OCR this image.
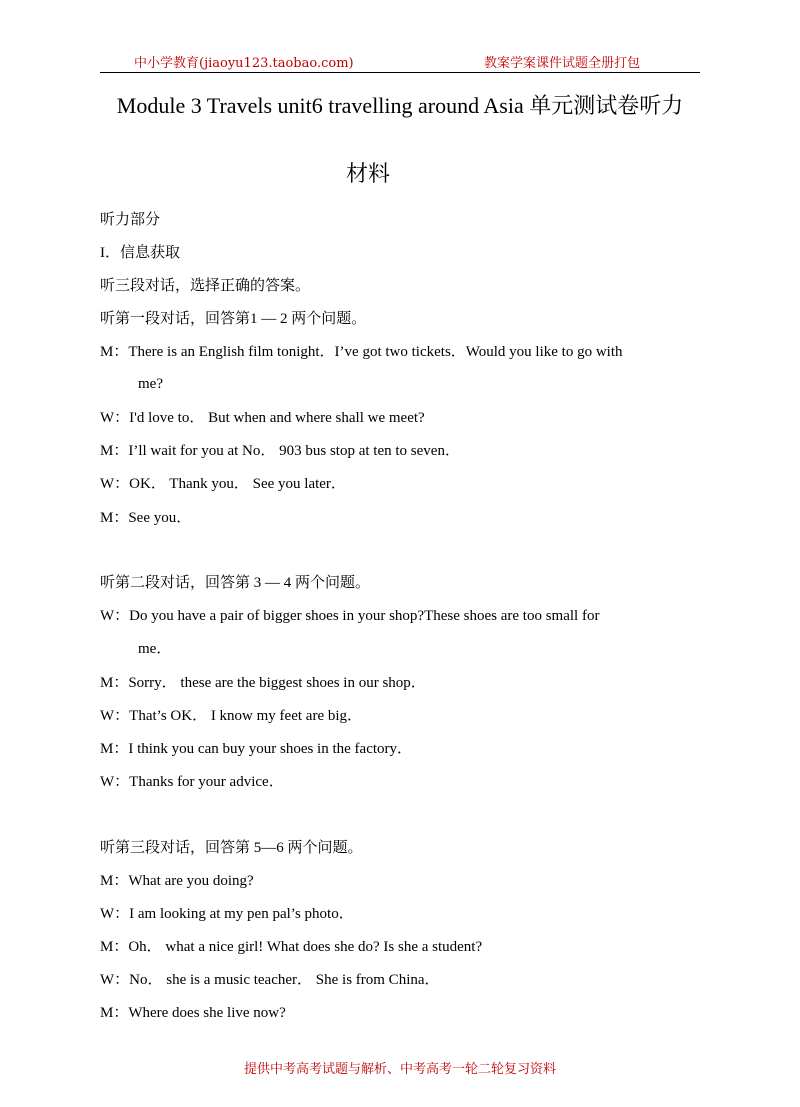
中小学教育(jiaoyu123.taobao.com)	教案学案课件试题全册打包
Module 3 Travels unit6 travelling around Asia 单元测试卷听力
材料
听力部分
I．信息获取
听三段对话，选择正确的答案。
听第一段对话，回答第1 — 2 两个问题。
M：There is an English film tonight．I’ve got two tickets．Would you like to go with
me?
W：I'd love to． But when and where shall we meet?
M：I’ll wait for you at No． 903 bus stop at ten to seven．
W：OK． Thank you． See you later．
M：See you．
听第二段对话，回答第 3 — 4 两个问题。
W：Do you have a pair of bigger shoes in your shop?These shoes are too small for
me．
M：Sorry． these are the biggest shoes in our shop．
W：That’s OK． I know my feet are big．
M：I think you can buy your shoes in the factory．
W：Thanks for your advice．
听第三段对话，回答第 5—6 两个问题。
M：What are you doing?
W：I am looking at my pen pal’s photo．
M：Oh． what a nice girl! What does she do? Is she a student?
W：No． she is a music teacher． She is from China．
M：Where does she live now?
提供中考高考试题与解析、中考高考一轮二轮复习资料
